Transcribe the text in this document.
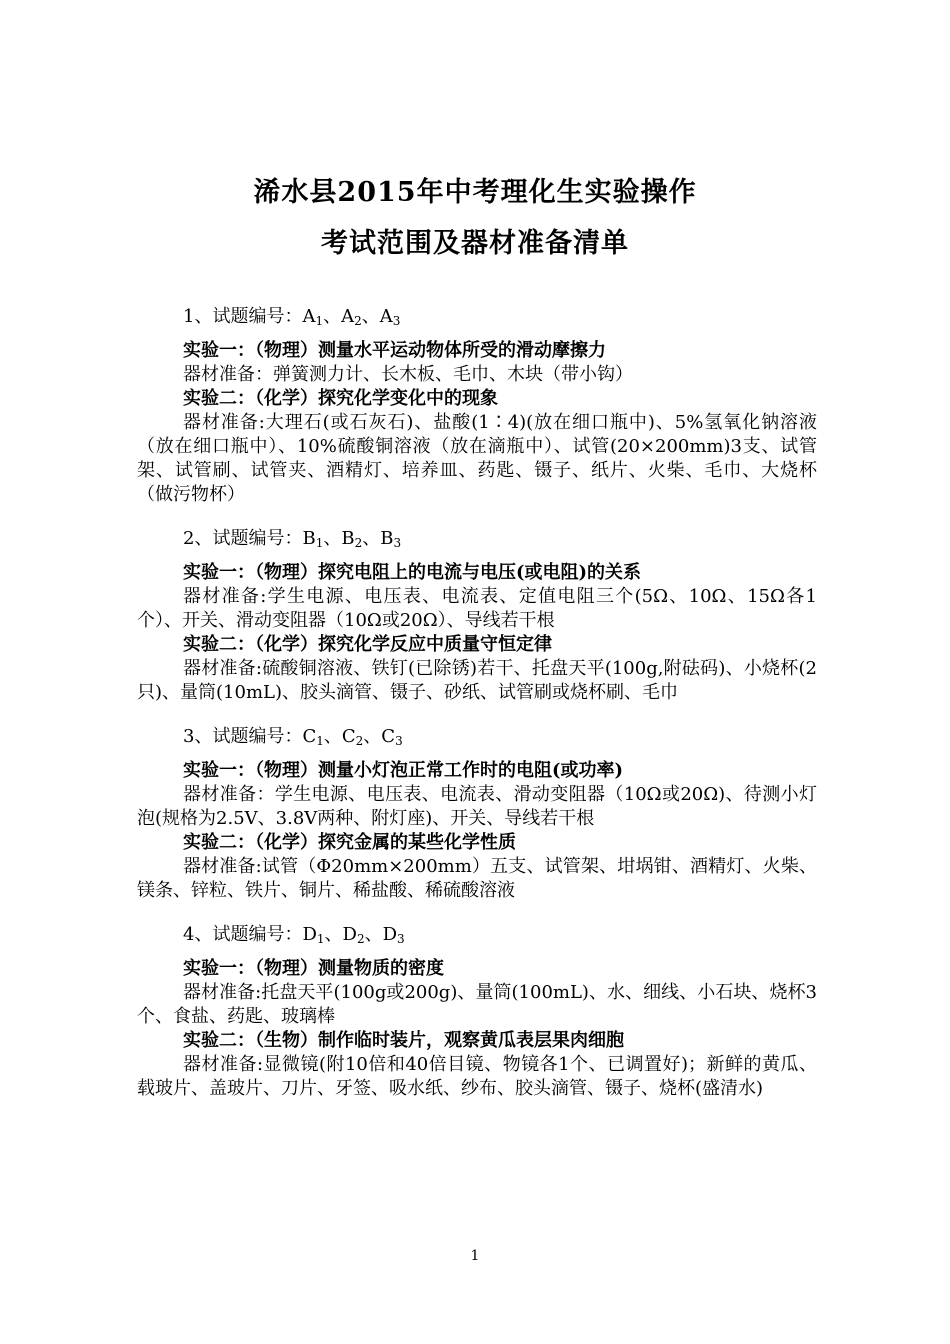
浠水县2015年中考理化生实验操作
考试范围及器材准备清单
1、试题编号：$A_1$、$A_2$、$A_3$
实验一：（物理）测量水平运动物体所受的滑动摩擦力
器材准备：弹簧测力计、长木板、毛巾、木块（带小钩）
实验二：（化学）探究化学变化中的现象
器材准备:大理石(或石灰石)、盐酸(1∶4)(放在细口瓶中)、5%氢氧化钠溶液（放在细口瓶中）、10%硫酸铜溶液（放在滴瓶中）、试管(20×200mm)3支、试管架、试管刷、试管夹、酒精灯、培养皿、药匙、镊子、纸片、火柴、毛巾、大烧杯（做污物杯）
2、试题编号：$B_1$、$B_2$、$B_3$
实验一：（物理）探究电阻上的电流与电压(或电阻)的关系
器材准备:学生电源、电压表、电流表、定值电阻三个(5Ω、10Ω、15Ω各1个）、开关、滑动变阻器（10Ω或20Ω）、导线若干根
实验二：（化学）探究化学反应中质量守恒定律
器材准备:硫酸铜溶液、铁钉(已除锈)若干、托盘天平(100g,附砝码)、小烧杯(2只)、量筒(10mL)、胶头滴管、镊子、砂纸、试管刷或烧杯刷、毛巾
3、试题编号：$C_1$、$C_2$、$C_3$
实验一：（物理）测量小灯泡正常工作时的电阻(或功率)
器材准备：学生电源、电压表、电流表、滑动变阻器（10Ω或20Ω)、待测小灯泡(规格为2.5V、3.8V两种、附灯座)、开关、导线若干根
实验二：（化学）探究金属的某些化学性质
器材准备:试管（Φ20mm×200mm）五支、试管架、坩埚钳、酒精灯、火柴、镁条、锌粒、铁片、铜片、稀盐酸、稀硫酸溶液
4、试题编号：$D_1$、$D_2$、$D_3$
实验一：（物理）测量物质的密度
器材准备:托盘天平(100g或200g)、量筒(100mL)、水、细线、小石块、烧杯3个、食盐、药匙、玻璃棒
实验二：（生物）制作临时装片，观察黄瓜表层果肉细胞
器材准备:显微镜(附10倍和40倍目镜、物镜各1个、已调置好)；新鲜的黄瓜、载玻片、盖玻片、刀片、牙签、吸水纸、纱布、胶头滴管、镊子、烧杯(盛清水)
1
